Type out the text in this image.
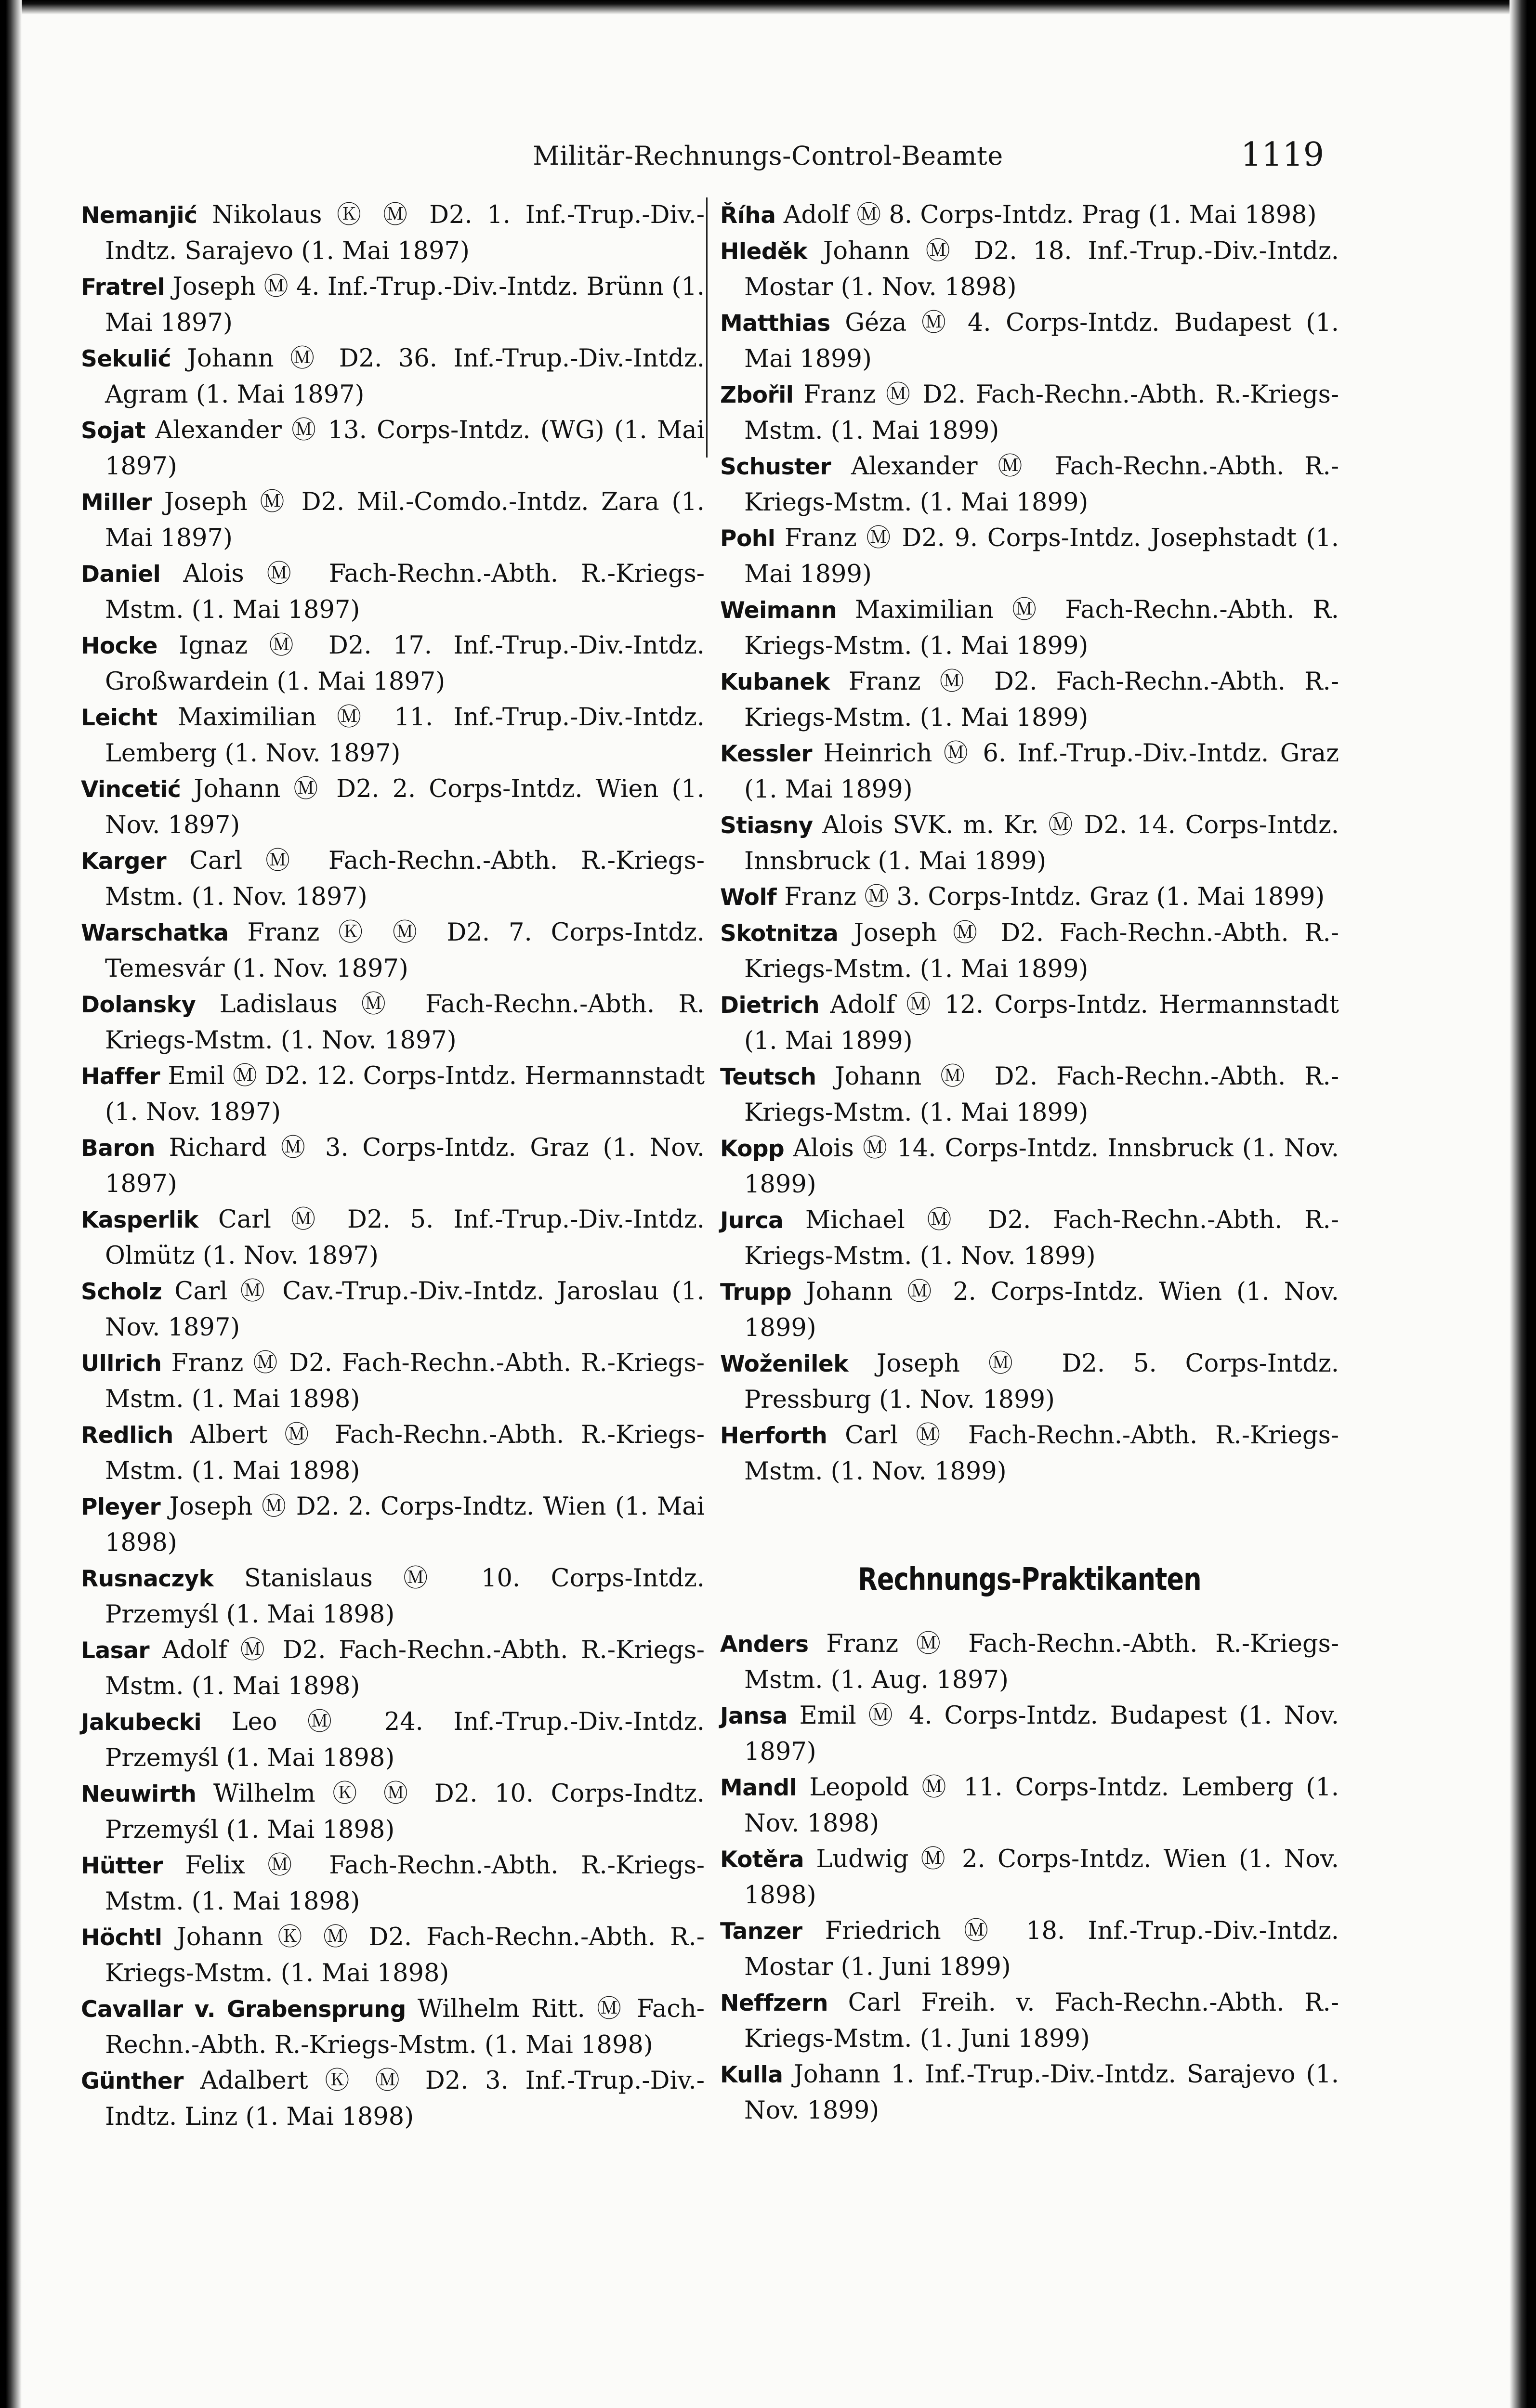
Militär-Rechnungs-Control-Beamte	1119

Nemanjić Nikolaus Ⓚ Ⓜ D2. 1. Inf.-Trup.-Div.-Indtz. Sarajevo (1. Mai 1897)

Fratrel Joseph Ⓜ 4. Inf.-Trup.-Div.-Intdz. Brünn (1. Mai 1897)

Sekulić Johann Ⓜ D2. 36. Inf.-Trup.-Div.-Intdz. Agram (1. Mai 1897)

Sojat Alexander Ⓜ 13. Corps-Intdz. (WG) (1. Mai 1897)

Miller Joseph Ⓜ D2. Mil.-Comdo.-Intdz. Zara (1. Mai 1897)

Daniel Alois Ⓜ Fach-Rechn.-Abth. R.-Kriegs-Mstm. (1. Mai 1897)

Hocke Ignaz Ⓜ D2. 17. Inf.-Trup.-Div.-Intdz. Großwardein (1. Mai 1897)

Leicht Maximilian Ⓜ 11. Inf.-Trup.-Div.-Intdz. Lemberg (1. Nov. 1897)

Vincetić Johann Ⓜ D2. 2. Corps-Intdz. Wien (1. Nov. 1897)

Karger Carl Ⓜ Fach-Rechn.-Abth. R.-Kriegs-Mstm. (1. Nov. 1897)

Warschatka Franz Ⓚ Ⓜ D2. 7. Corps-Intdz. Temesvár (1. Nov. 1897)

Dolansky Ladislaus Ⓜ Fach-Rechn.-Abth. R. Kriegs-Mstm. (1. Nov. 1897)

Haffer Emil Ⓜ D2. 12. Corps-Intdz. Hermannstadt (1. Nov. 1897)

Baron Richard Ⓜ 3. Corps-Intdz. Graz (1. Nov. 1897)

Kasperlik Carl Ⓜ D2. 5. Inf.-Trup.-Div.-Intdz. Olmütz (1. Nov. 1897)

Scholz Carl Ⓜ Cav.-Trup.-Div.-Intdz. Jaroslau (1. Nov. 1897)

Ullrich Franz Ⓜ D2. Fach-Rechn.-Abth. R.-Kriegs-Mstm. (1. Mai 1898)

Redlich Albert Ⓜ Fach-Rechn.-Abth. R.-Kriegs-Mstm. (1. Mai 1898)

Pleyer Joseph Ⓜ D2. 2. Corps-Indtz. Wien (1. Mai 1898)

Rusnaczyk Stanislaus Ⓜ 10. Corps-Intdz. Przemyśl (1. Mai 1898)

Lasar Adolf Ⓜ D2. Fach-Rechn.-Abth. R.-Kriegs-Mstm. (1. Mai 1898)

Jakubecki Leo Ⓜ 24. Inf.-Trup.-Div.-Intdz. Przemyśl (1. Mai 1898)

Neuwirth Wilhelm Ⓚ Ⓜ D2. 10. Corps-Indtz. Przemyśl (1. Mai 1898)

Hütter Felix Ⓜ Fach-Rechn.-Abth. R.-Kriegs-Mstm. (1. Mai 1898)

Höchtl Johann Ⓚ Ⓜ D2. Fach-Rechn.-Abth. R.-Kriegs-Mstm. (1. Mai 1898)

Cavallar v. Grabensprung Wilhelm Ritt. Ⓜ Fach-Rechn.-Abth. R.-Kriegs-Mstm. (1. Mai 1898)

Günther Adalbert Ⓚ Ⓜ D2. 3. Inf.-Trup.-Div.-Indtz. Linz (1. Mai 1898)

Říha Adolf Ⓜ 8. Corps-Intdz. Prag (1. Mai 1898)

Hleděk Johann Ⓜ D2. 18. Inf.-Trup.-Div.-Intdz. Mostar (1. Nov. 1898)

Matthias Géza Ⓜ 4. Corps-Intdz. Budapest (1. Mai 1899)

Zbořil Franz Ⓜ D2. Fach-Rechn.-Abth. R.-Kriegs-Mstm. (1. Mai 1899)

Schuster Alexander Ⓜ Fach-Rechn.-Abth. R.-Kriegs-Mstm. (1. Mai 1899)

Pohl Franz Ⓜ D2. 9. Corps-Intdz. Josephstadt (1. Mai 1899)

Weimann Maximilian Ⓜ Fach-Rechn.-Abth. R. Kriegs-Mstm. (1. Mai 1899)

Kubanek Franz Ⓜ D2. Fach-Rechn.-Abth. R.-Kriegs-Mstm. (1. Mai 1899)

Kessler Heinrich Ⓜ 6. Inf.-Trup.-Div.-Intdz. Graz (1. Mai 1899)

Stiasny Alois SVK. m. Kr. Ⓜ D2. 14. Corps-Intdz. Innsbruck (1. Mai 1899)

Wolf Franz Ⓜ 3. Corps-Intdz. Graz (1. Mai 1899)

Skotnitza Joseph Ⓜ D2. Fach-Rechn.-Abth. R.-Kriegs-Mstm. (1. Mai 1899)

Dietrich Adolf Ⓜ 12. Corps-Intdz. Hermannstadt (1. Mai 1899)

Teutsch Johann Ⓜ D2. Fach-Rechn.-Abth. R.-Kriegs-Mstm. (1. Mai 1899)

Kopp Alois Ⓜ 14. Corps-Intdz. Innsbruck (1. Nov. 1899)

Jurca Michael Ⓜ D2. Fach-Rechn.-Abth. R.-Kriegs-Mstm. (1. Nov. 1899)

Trupp Johann Ⓜ 2. Corps-Intdz. Wien (1. Nov. 1899)

Woženilek Joseph Ⓜ D2. 5. Corps-Intdz. Pressburg (1. Nov. 1899)

Herforth Carl Ⓜ Fach-Rechn.-Abth. R.-Kriegs-Mstm. (1. Nov. 1899)

Rechnungs-Praktikanten

Anders Franz Ⓜ Fach-Rechn.-Abth. R.-Kriegs-Mstm. (1. Aug. 1897)

Jansa Emil Ⓜ 4. Corps-Intdz. Budapest (1. Nov. 1897)

Mandl Leopold Ⓜ 11. Corps-Intdz. Lemberg (1. Nov. 1898)

Kotěra Ludwig Ⓜ 2. Corps-Intdz. Wien (1. Nov. 1898)

Tanzer Friedrich Ⓜ 18. Inf.-Trup.-Div.-Intdz. Mostar (1. Juni 1899)

Neffzern Carl Freih. v. Fach-Rechn.-Abth. R.-Kriegs-Mstm. (1. Juni 1899)

Kulla Johann 1. Inf.-Trup.-Div.-Intdz. Sarajevo (1. Nov. 1899)
